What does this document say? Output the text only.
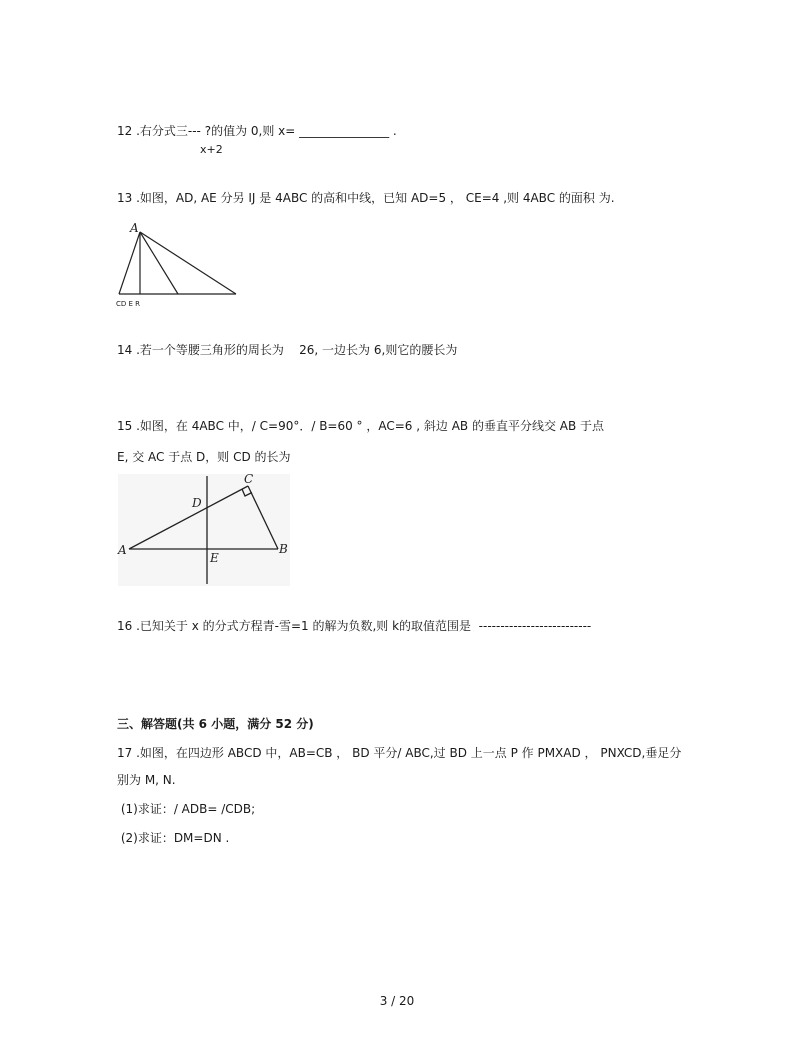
12 .右分式三--- ?的值为 0,则 x= _______________ .
x+2
13 .如图，AD, AE 分另 IJ 是 4ABC 的高和中线，已知 AD=5 ， CE=4 ,则 4ABC 的面积 为.
A
CD E R
14 .若一个等腰三角形的周长为    26, 一边长为 6,则它的腰长为
15 .如图，在 4ABC 中，/ C=90°．/ B=60 ° ，AC=6 , 斜边 AB 的垂直平分线交 AB 于点
E, 交 AC 于点 D，则 CD 的长为
A	B
C
D
E
16 .已知关于 x 的分式方程青-雪=1 的解为负数,则 k的取值范围是  --------------------------
三、解答题(共 6 小题，满分 52 分)
17 .如图，在四边形 ABCD 中，AB=CB ， BD 平分/ ABC,过 BD 上一点 P 作 PMXAD ， PNXCD,垂足分
别为 M, N.
(1)求证：/ ADB= /CDB;
(2)求证：DM=DN .
3 / 20
